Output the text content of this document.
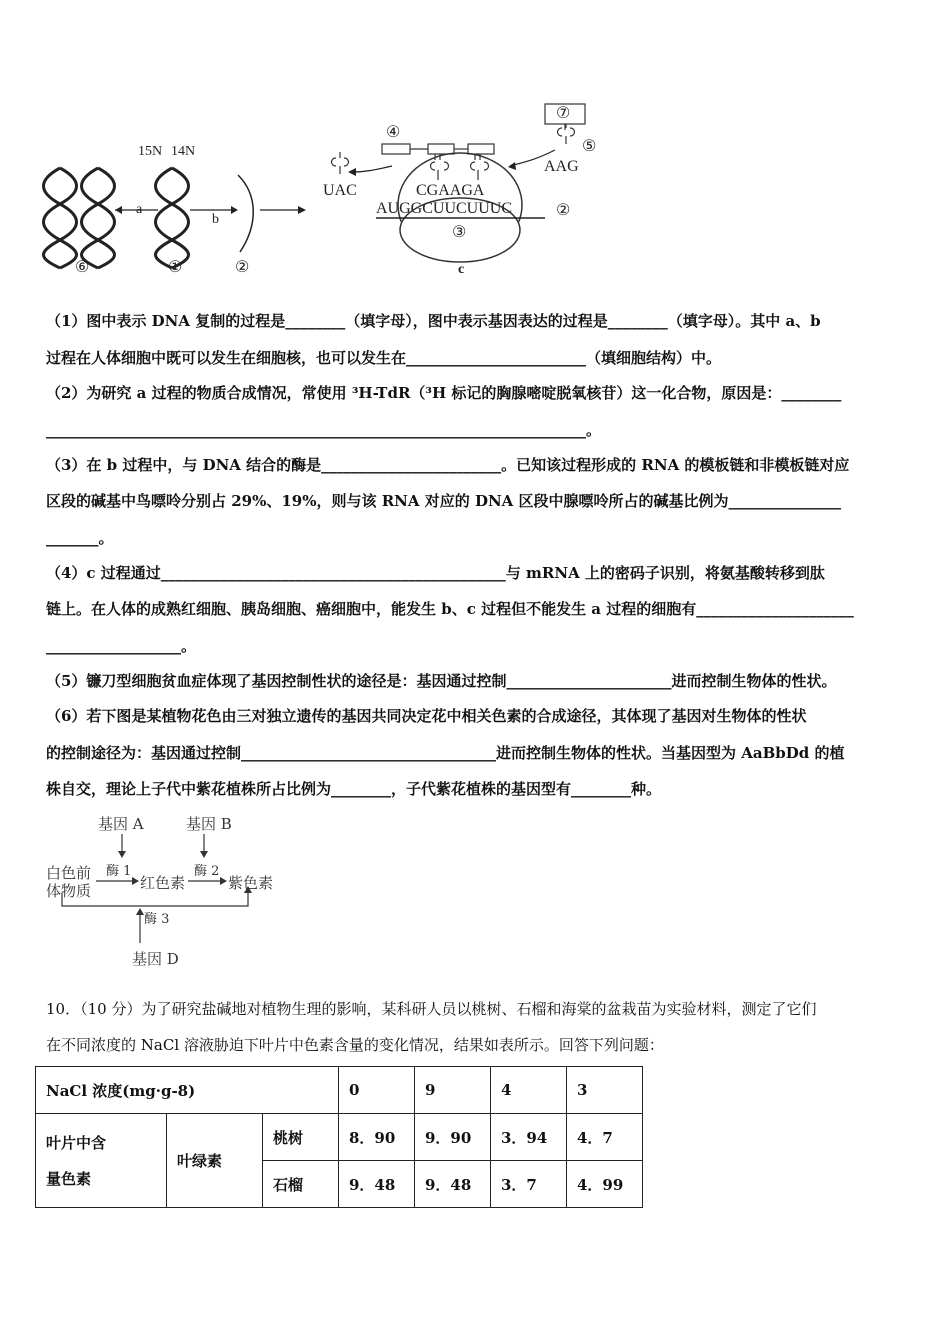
15N 14N
a
b
⑥	①	②
UAC	CGAAGA
AUGGCUUCUUUC	②
③
④
⑤
⑦
AAG
c
（1）图中表示 DNA 复制的过程是________（填字母），图中表示基因表达的过程是________（填字母）。其中 a、b
过程在人体细胞中既可以发生在细胞核，也可以发生在________________________（填细胞结构）中。
（2）为研究 a 过程的物质合成情况，常使用 ³H-TdR（³H 标记的胸腺嘧啶脱氧核苷）这一化合物，原因是：________
________________________________________________________________________。
（3）在 b 过程中，与 DNA 结合的酶是________________________。已知该过程形成的 RNA 的模板链和非模板链对应
区段的碱基中鸟嘌呤分别占 29%、19%，则与该 RNA 对应的 DNA 区段中腺嘌呤所占的碱基比例为_______________
_______。
（4）c 过程通过______________________________________________与 mRNA 上的密码子识别，将氨基酸转移到肽
链上。在人体的成熟红细胞、胰岛细胞、癌细胞中，能发生 b、c 过程但不能发生 a 过程的细胞有_____________________
__________________。
（5）镰刀型细胞贫血症体现了基因控制性状的途径是：基因通过控制______________________进而控制生物体的性状。
（6）若下图是某植物花色由三对独立遗传的基因共同决定花中相关色素的合成途径，其体现了基因对生物体的性状
的控制途径为：基因通过控制__________________________________进而控制生物体的性状。当基因型为 AaBbDd 的植
株自交，理论上子代中紫花植株所占比例为________，子代紫花植株的基因型有________种。
基因 A	基因 B
白色前
体物质
酶 1
红色素
酶 2
紫色素
酶 3
基因 D
10．（10 分）为了研究盐碱地对植物生理的影响，某科研人员以桃树、石榴和海棠的盆栽苗为实验材料，测定了它们
在不同浓度的 NaCl 溶液胁迫下叶片中色素含量的变化情况，结果如表所示。回答下列问题：
NaCl 浓度(mg·g-8)			0	9	4	3

叶片中含
量色素	叶绿素	桃树	8．90	9．90	3．94	4．7
		石榴	9．48	9．48	3．7	4．99
